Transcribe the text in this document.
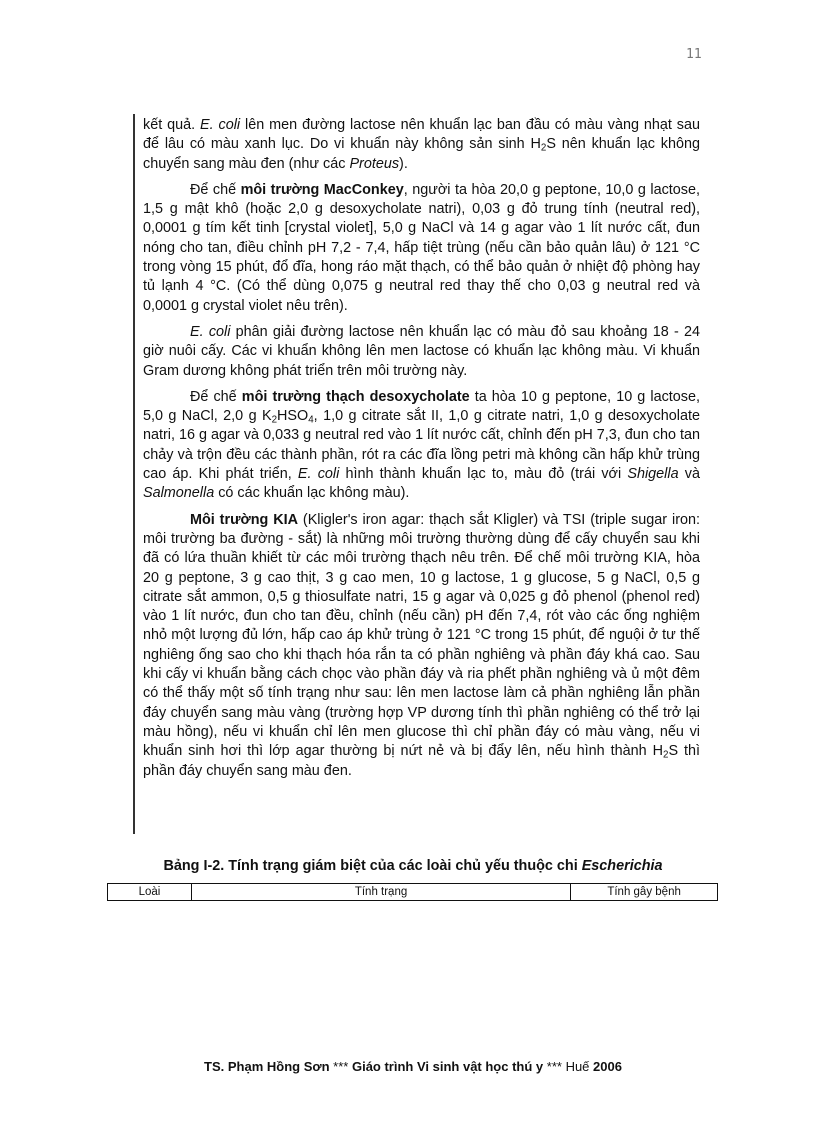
11

kết quả. E. coli lên men đường lactose nên khuẩn lạc ban đầu có màu vàng nhạt sau để lâu có màu xanh lục. Do vi khuẩn này không sản $\sinh H_2S$ nên khuẩn lạc không chuyển sang màu đen (như các Proteus).

Để chế môi trường MacConkey, người ta hòa 20,0 g peptone, 10,0 g lactose, 1,5 g mật khô (hoặc 2,0 g desoxycholate natri), 0,03 g đỏ trung tính (neutral red), 0,0001 g tím kết tinh [crystal violet], 5,0 g NaCl và 14 g agar vào 1 lít nước cất, đun nóng cho tan, điều chỉnh pH 7,2 - 7,4, hấp tiệt trùng (nếu cần bảo quản lâu) ở 121 °C trong vòng 15 phút, đổ đĩa, hong ráo mặt thạch, có thể bảo quản ở nhiệt độ phòng hay tủ lạnh 4 °C. (Có thể dùng 0,075 g neutral red thay thế cho 0,03 g neutral red và 0,0001 g crystal violet nêu trên).

E. coli phân giải đường lactose nên khuẩn lạc có màu đỏ sau khoảng 18 - 24 giờ nuôi cấy. Các vi khuẩn không lên men lactose có khuẩn lạc không màu. Vi khuẩn Gram dương không phát triển trên môi trường này.

Để chế môi trường thạch desoxycholate ta hòa 10 g peptone, 10 g lactose, 5,0 g NaCl, 2,0 g $K_2HSO_4$, 1,0 g citrate sắt II, 1,0 g citrate natri, 1,0 g desoxycholate natri, 16 g agar và 0,033 g neutral red vào 1 lít nước cất, chỉnh đến pH 7,3, đun cho tan chảy và trộn đều các thành phần, rót ra các đĩa lồng petri mà không cần hấp khử trùng cao áp. Khi phát triển, E. coli hình thành khuẩn lạc to, màu đỏ (trái với Shigella và Salmonella có các khuẩn lạc không màu).

Môi trường KIA (Kligler's iron agar: thạch sắt Kligler) và TSI (triple sugar iron: môi trường ba đường - sắt) là những môi trường thường dùng để cấy chuyển sau khi đã có lứa thuần khiết từ các môi trường thạch nêu trên. Để chế môi trường KIA, hòa 20 g peptone, 3 g cao thịt, 3 g cao men, 10 g lactose, 1 g glucose, 5 g NaCl, 0,5 g citrate sắt ammon, 0,5 g thiosulfate natri, 15 g agar và 0,025 g đỏ phenol (phenol red) vào 1 lít nước, đun cho tan đều, chỉnh (nếu cần) pH đến 7,4, rót vào các ống nghiệm nhỏ một lượng đủ lớn, hấp cao áp khử trùng ở 121 °C trong 15 phút, để nguội ở tư thế nghiêng ống sao cho khi thạch hóa rắn ta có phần nghiêng và phần đáy khá cao. Sau khi cấy vi khuẩn bằng cách chọc vào phần đáy và ria phết phần nghiêng và ủ một đêm có thể thấy một số tính trạng như sau: lên men lactose làm cả phần nghiêng lẫn phần đáy chuyển sang màu vàng (trường hợp VP dương tính thì phần nghiêng có thể trở lại màu hồng), nếu vi khuẩn chỉ lên men glucose thì chỉ phần đáy có màu vàng, nếu vi khuẩn sinh hơi thì lớp agar thường bị nứt nẻ và bị đẩy lên, nếu hình thành $H_2S$ thì phần đáy chuyển sang màu đen.

Bảng I-2. Tính trạng giám biệt của các loài chủ yếu thuộc chi Escherichia
Loài	Tính trạng	Tính gây bệnh
TS. Phạm Hồng Sơn *** Giáo trình Vi sinh vật học thú y *** Huế 2006
